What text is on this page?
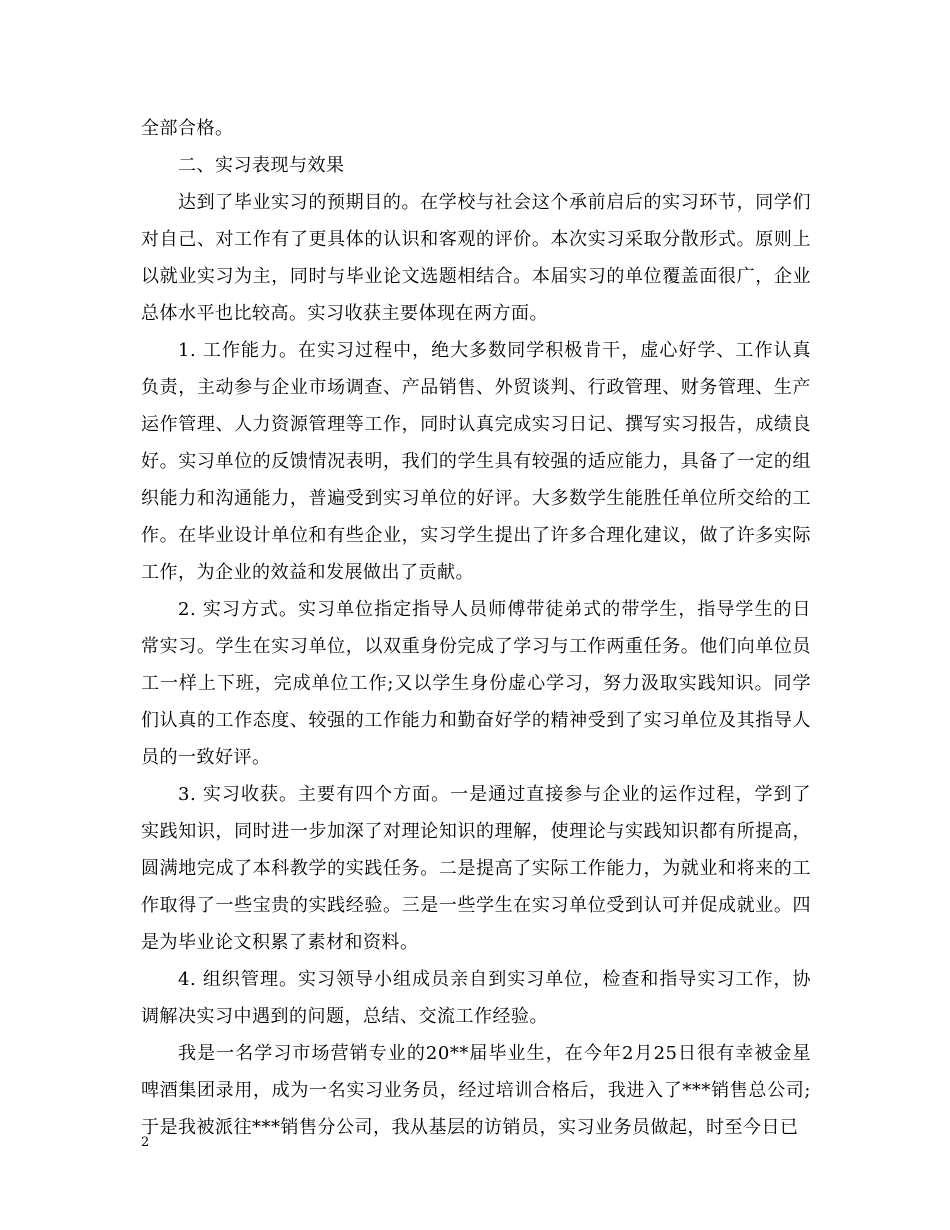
全部合格。

二、实习表现与效果

达到了毕业实习的预期目的。在学校与社会这个承前启后的实习环节，同学们对自己、对工作有了更具体的认识和客观的评价。本次实习采取分散形式。原则上以就业实习为主，同时与毕业论文选题相结合。本届实习的单位覆盖面很广，企业总体水平也比较高。实习收获主要体现在两方面。

1. 工作能力。在实习过程中，绝大多数同学积极肯干，虚心好学、工作认真负责，主动参与企业市场调查、产品销售、外贸谈判、行政管理、财务管理、生产运作管理、人力资源管理等工作，同时认真完成实习日记、撰写实习报告，成绩良好。实习单位的反馈情况表明，我们的学生具有较强的适应能力，具备了一定的组织能力和沟通能力，普遍受到实习单位的好评。大多数学生能胜任单位所交给的工作。在毕业设计单位和有些企业，实习学生提出了许多合理化建议，做了许多实际工作，为企业的效益和发展做出了贡献。

2. 实习方式。实习单位指定指导人员师傅带徒弟式的带学生，指导学生的日常实习。学生在实习单位，以双重身份完成了学习与工作两重任务。他们向单位员工一样上下班，完成单位工作;又以学生身份虚心学习，努力汲取实践知识。同学们认真的工作态度、较强的工作能力和勤奋好学的精神受到了实习单位及其指导人员的一致好评。

3. 实习收获。主要有四个方面。一是通过直接参与企业的运作过程，学到了实践知识，同时进一步加深了对理论知识的理解，使理论与实践知识都有所提高，圆满地完成了本科教学的实践任务。二是提高了实际工作能力，为就业和将来的工作取得了一些宝贵的实践经验。三是一些学生在实习单位受到认可并促成就业。四是为毕业论文积累了素材和资料。

4. 组织管理。实习领导小组成员亲自到实习单位，检查和指导实习工作，协调解决实习中遇到的问题，总结、交流工作经验。

我是一名学习市场营销专业的20**届毕业生，在今年2月25日很有幸被金星啤酒集团录用，成为一名实习业务员，经过培训合格后，我进入了***销售总公司;于是我被派往***销售分公司，我从基层的访销员，实习业务员做起，时至今日已

2
